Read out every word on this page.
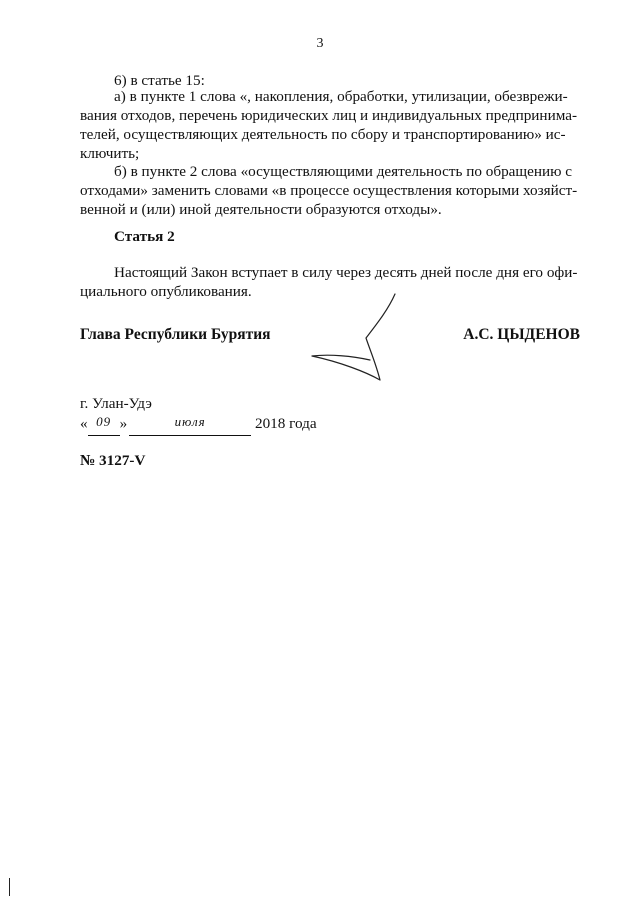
3
6) в статье 15:
а) в пункте 1 слова «, накопления, обработки, утилизации, обезврежи-
вания отходов, перечень юридических лиц и индивидуальных предпринима-
телей, осуществляющих деятельность по сбору и транспортированию» ис-
ключить;
б) в пункте 2 слова «осуществляющими деятельность по обращению с
отходами» заменить словами «в процессе осуществления которыми хозяйст-
венной и (или) иной деятельности образуются отходы».
Статья 2
Настоящий Закон вступает в силу через десять дней после дня его офи-
циального опубликования.
Глава Республики Бурятия	А.С. ЦЫДЕНОВ
г. Улан-Удэ
« 09 »	июля	2018 года
№ 3127-V
